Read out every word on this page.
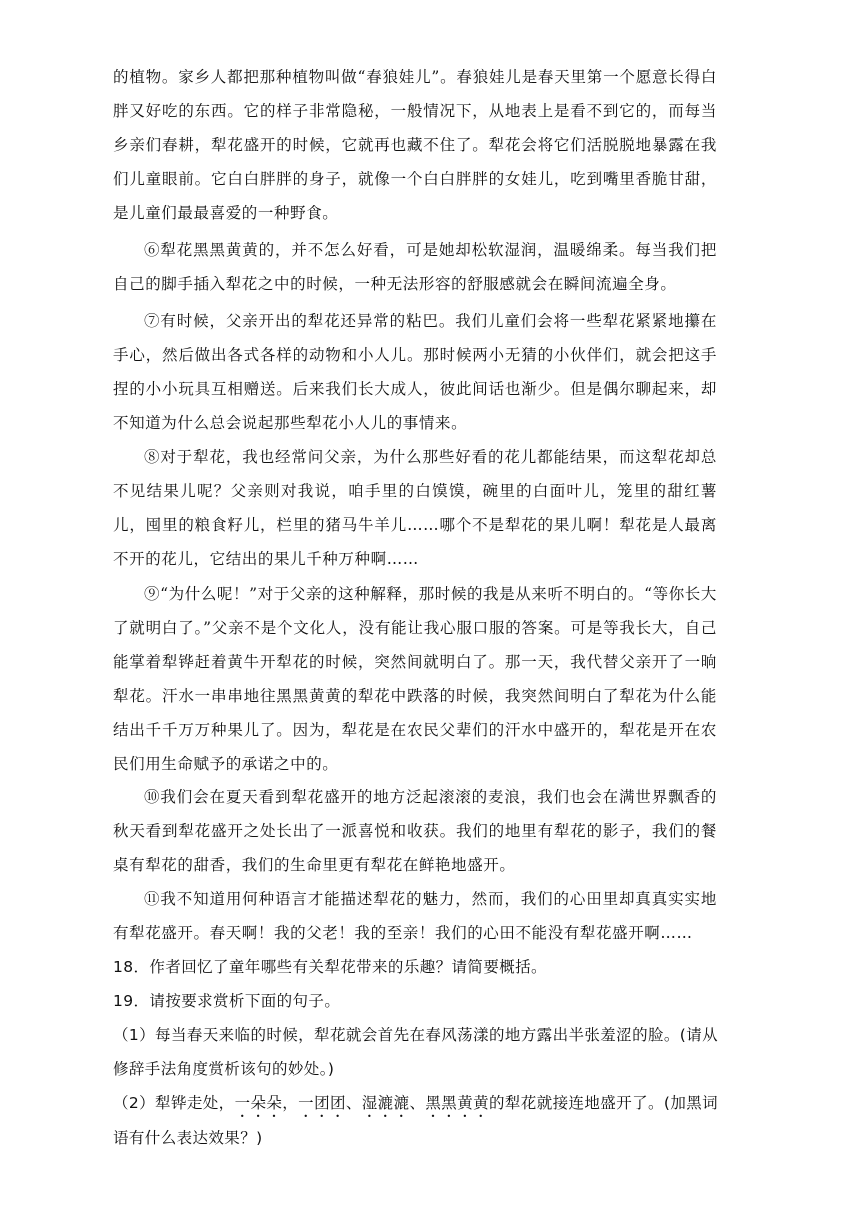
的植物。家乡人都把那种植物叫做“春狼娃儿”。春狼娃儿是春天里第一个愿意长得白胖又好吃的东西。它的样子非常隐秘，一般情况下，从地表上是看不到它的，而每当乡亲们春耕，犁花盛开的时候，它就再也藏不住了。犁花会将它们活脱脱地暴露在我们儿童眼前。它白白胖胖的身子，就像一个白白胖胖的女娃儿，吃到嘴里香脆甘甜，是儿童们最最喜爱的一种野食。

⑥犁花黑黑黄黄的，并不怎么好看，可是她却松软湿润，温暖绵柔。每当我们把自己的脚手插入犁花之中的时候，一种无法形容的舒服感就会在瞬间流遍全身。

⑦有时候，父亲开出的犁花还异常的粘巴。我们儿童们会将一些犁花紧紧地攥在手心，然后做出各式各样的动物和小人儿。那时候两小无猜的小伙伴们，就会把这手捏的小小玩具互相赠送。后来我们长大成人，彼此间话也渐少。但是偶尔聊起来，却不知道为什么总会说起那些犁花小人儿的事情来。

⑧对于犁花，我也经常问父亲，为什么那些好看的花儿都能结果，而这犁花却总不见结果儿呢？父亲则对我说，咱手里的白馍馍，碗里的白面叶儿，笼里的甜红薯儿，囤里的粮食籽儿，栏里的猪马牛羊儿……哪个不是犁花的果儿啊！犁花是人最离不开的花儿，它结出的果儿千种万种啊……

⑨“为什么呢！”对于父亲的这种解释，那时候的我是从来听不明白的。“等你长大了就明白了。”父亲不是个文化人，没有能让我心服口服的答案。可是等我长大，自己能掌着犁铧赶着黄牛开犁花的时候，突然间就明白了。那一天，我代替父亲开了一晌犁花。汗水一串串地往黑黑黄黄的犁花中跌落的时候，我突然间明白了犁花为什么能结出千千万万种果儿了。因为，犁花是在农民父辈们的汗水中盛开的，犁花是开在农民们用生命赋予的承诺之中的。

⑩我们会在夏天看到犁花盛开的地方泛起滚滚的麦浪，我们也会在满世界飘香的秋天看到犁花盛开之处长出了一派喜悦和收获。我们的地里有犁花的影子，我们的餐桌有犁花的甜香，我们的生命里更有犁花在鲜艳地盛开。

⑪我不知道用何种语言才能描述犁花的魅力，然而，我们的心田里却真真实实地有犁花盛开。春天啊！我的父老！我的至亲！我们的心田不能没有犁花盛开啊……

18．作者回忆了童年哪些有关犁花带来的乐趣？请简要概括。

19．请按要求赏析下面的句子。

（1）每当春天来临的时候，犁花就会首先在春风荡漾的地方露出半张羞涩的脸。(请从修辞手法角度赏析该句的妙处。)

（2）犁铧走处，一朵朵，一团团、湿漉漉、黑黑黄黄的犁花就接连地盛开了。(加黑词语有什么表达效果？)
